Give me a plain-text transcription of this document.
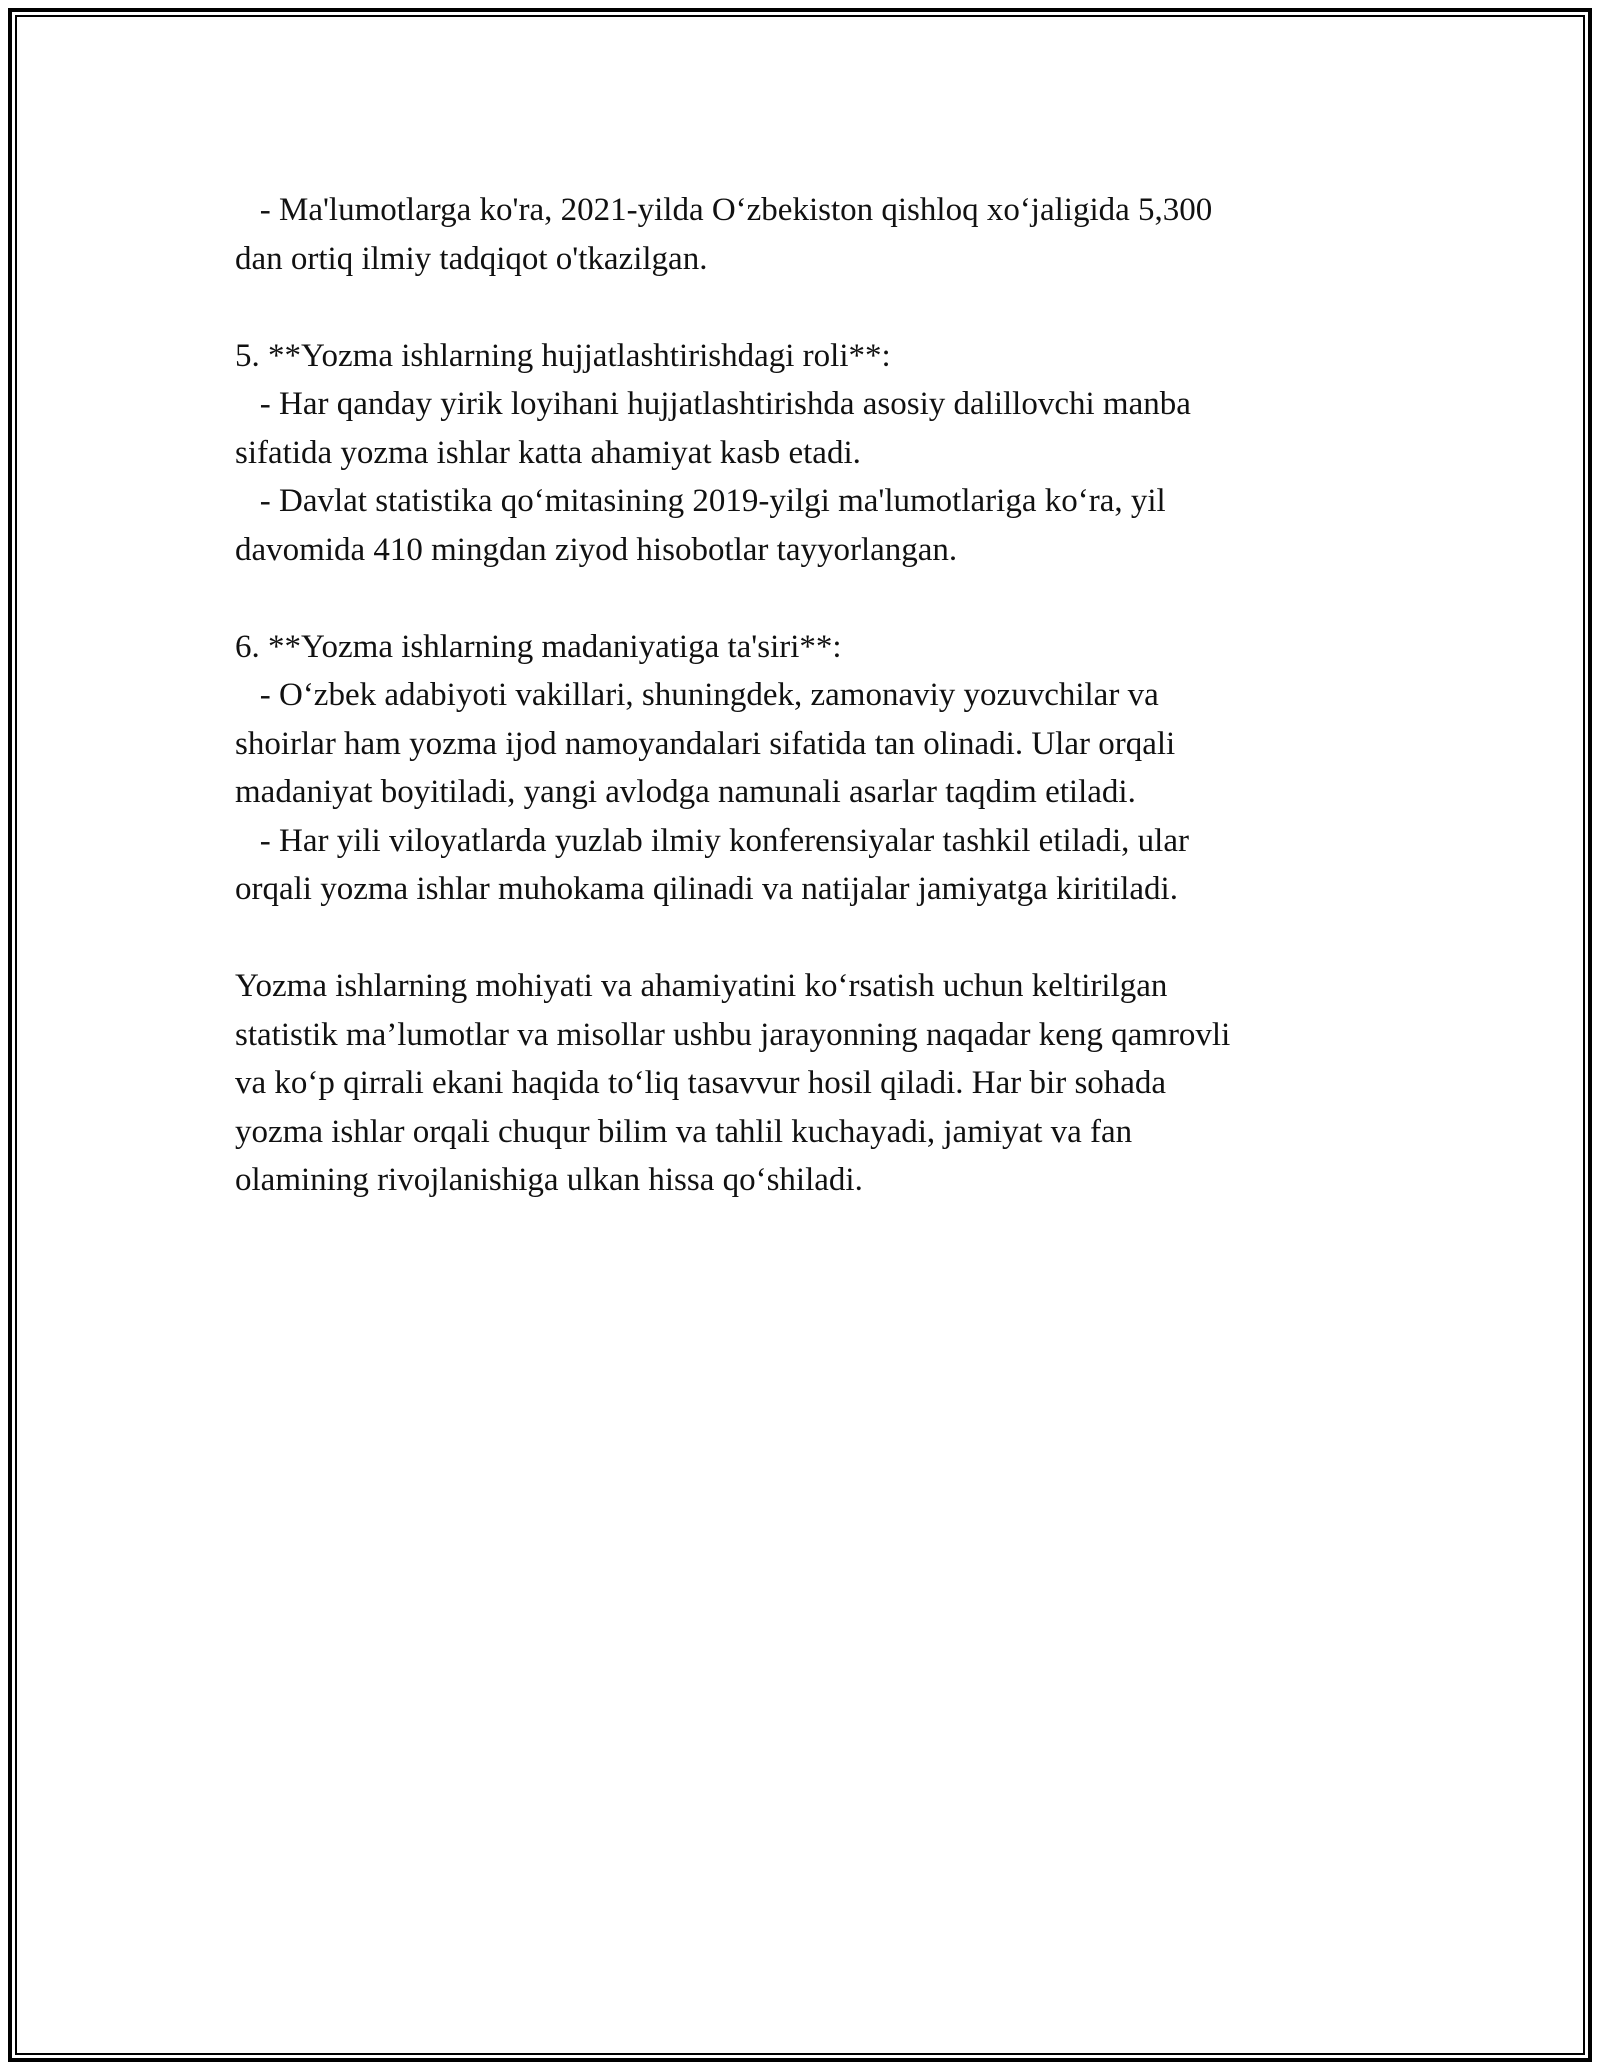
- Ma'lumotlarga ko'ra, 2021-yilda O‘zbekiston qishloq xo‘jaligida 5,300
dan ortiq ilmiy tadqiqot o'tkazilgan.
5. **Yozma ishlarning hujjatlashtirishdagi roli**:
- Har qanday yirik loyihani hujjatlashtirishda asosiy dalillovchi manba
sifatida yozma ishlar katta ahamiyat kasb etadi.
- Davlat statistika qo‘mitasining 2019-yilgi ma'lumotlariga ko‘ra, yil
davomida 410 mingdan ziyod hisobotlar tayyorlangan.
6. **Yozma ishlarning madaniyatiga ta'siri**:
- O‘zbek adabiyoti vakillari, shuningdek, zamonaviy yozuvchilar va
shoirlar ham yozma ijod namoyandalari sifatida tan olinadi. Ular orqali
madaniyat boyitiladi, yangi avlodga namunali asarlar taqdim etiladi.
- Har yili viloyatlarda yuzlab ilmiy konferensiyalar tashkil etiladi, ular
orqali yozma ishlar muhokama qilinadi va natijalar jamiyatga kiritiladi.
Yozma ishlarning mohiyati va ahamiyatini ko‘rsatish uchun keltirilgan
statistik ma’lumotlar va misollar ushbu jarayonning naqadar keng qamrovli
va ko‘p qirrali ekani haqida to‘liq tasavvur hosil qiladi. Har bir sohada
yozma ishlar orqali chuqur bilim va tahlil kuchayadi, jamiyat va fan
olamining rivojlanishiga ulkan hissa qo‘shiladi.
